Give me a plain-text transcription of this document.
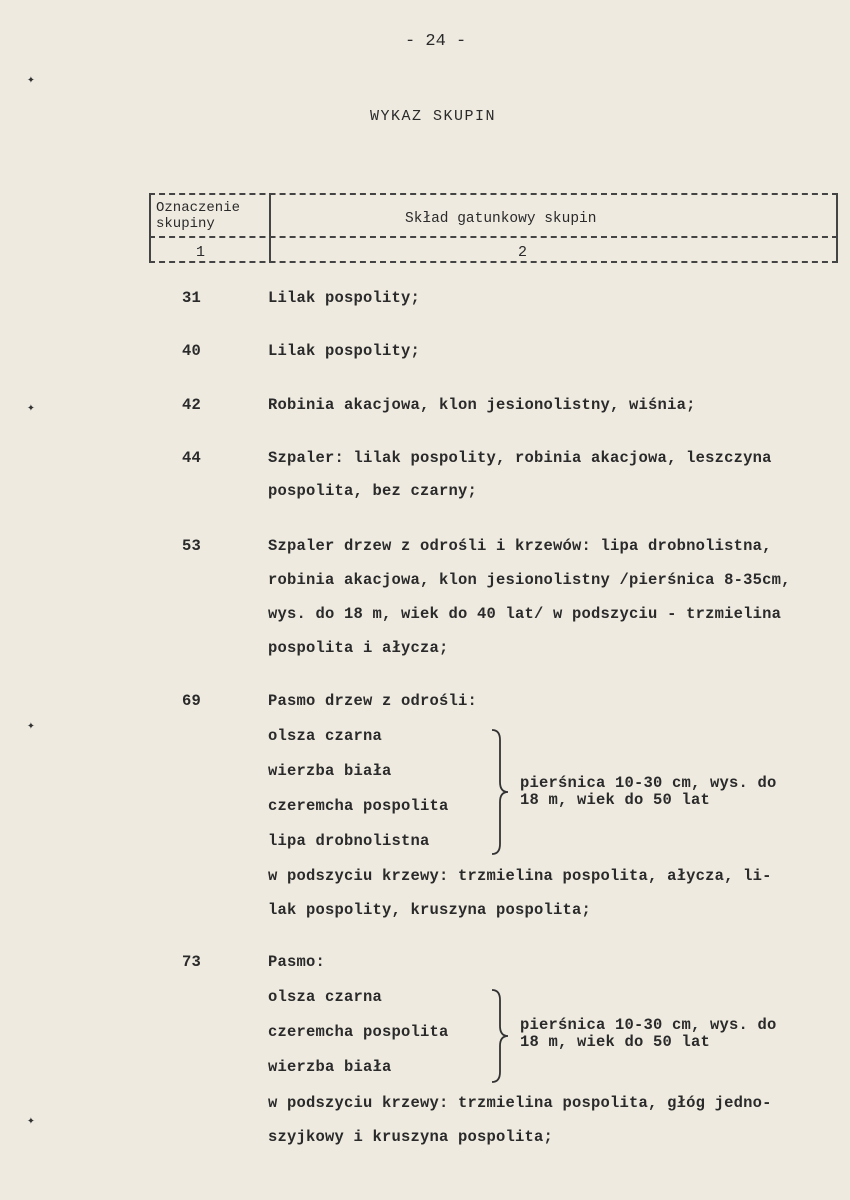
- 24 -
WYKAZ SKUPIN
Oznaczenie
skupiny	Skład gatunkowy skupin
1	2
31	Lilak pospolity;
40	Lilak pospolity;
42	Robinia akacjowa, klon jesionolistny, wiśnia;
44	Szpaler: lilak pospolity, robinia akacjowa, leszczyna
pospolita, bez czarny;
53	Szpaler drzew z odrośli i krzewów: lipa drobnolistna,
robinia akacjowa, klon jesionolistny /pierśnica 8-35cm,
wys. do 18 m, wiek do 40 lat/ w podszyciu - trzmielina
pospolita i ałycza;
69	Pasmo drzew z odrośli:
olsza czarna
wierzba biała
czeremcha pospolita
lipa drobnolistna
pierśnica 10-30 cm, wys. do
18 m, wiek do 50 lat
w podszyciu krzewy: trzmielina pospolita, ałycza, li-
lak pospolity, kruszyna pospolita;
73	Pasmo:
olsza czarna
czeremcha pospolita
wierzba biała
pierśnica 10-30 cm, wys. do
18 m, wiek do 50 lat
w podszyciu krzewy: trzmielina pospolita, głóg jedno-
szyjkowy i kruszyna pospolita;
✦
✦
✦
✦
